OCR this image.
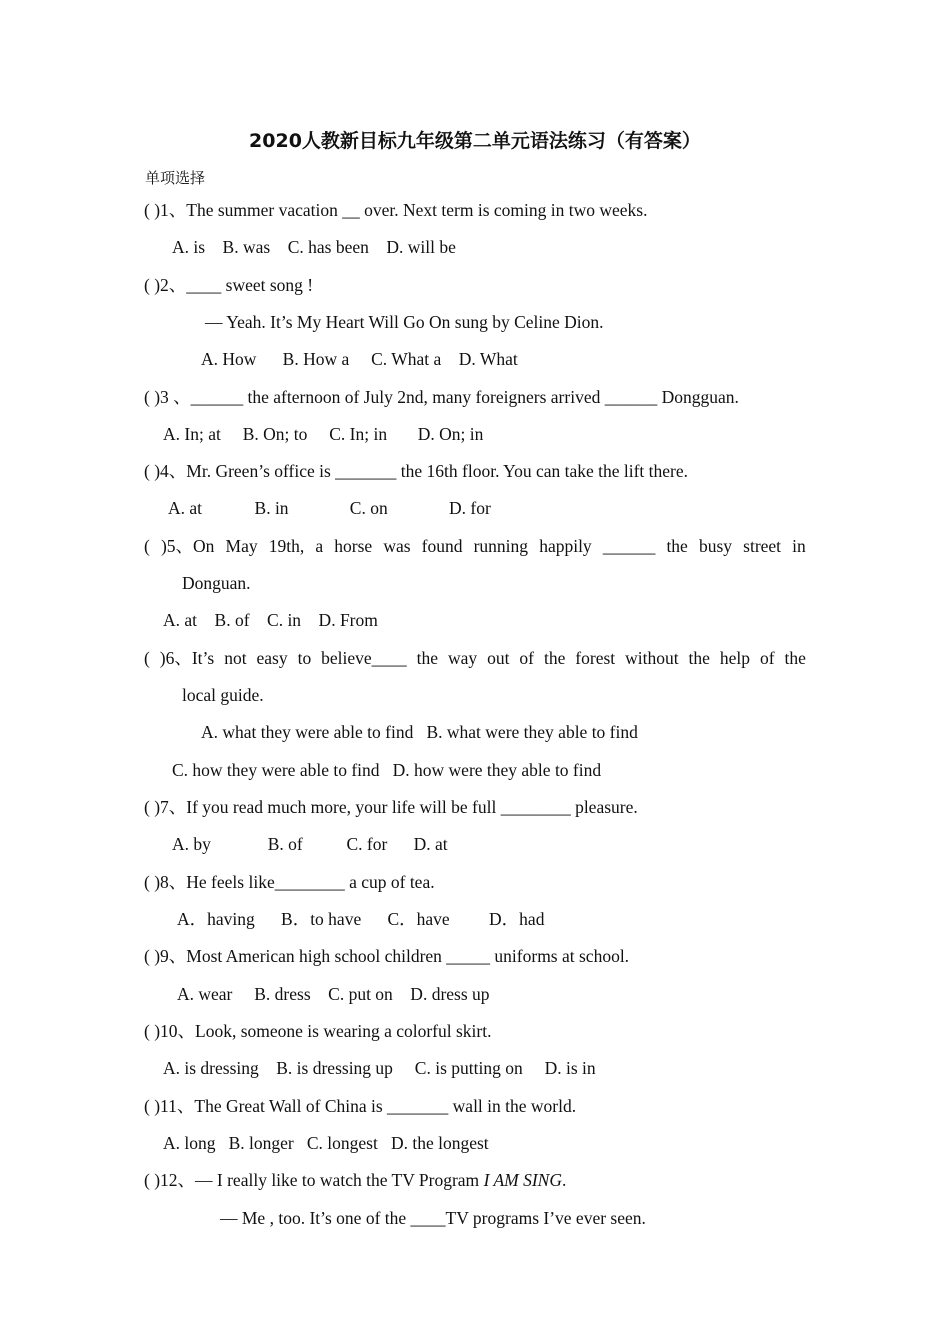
2020人教新目标九年级第二单元语法练习（有答案）
单项选择
( )1、The summer vacation __ over. Next term is coming in two weeks.
A. is    B. was    C. has been    D. will be
( )2、____ sweet song !
— Yeah. It’s My Heart Will Go On sung by Celine Dion.
A. How      B. How a     C. What a    D. What
( )3 、______ the afternoon of July 2nd, many foreigners arrived ______ Dongguan.
A. In; at     B. On; to     C. In; in       D. On; in
( )4、Mr. Green’s office is _______ the 16th floor. You can take the lift there.
A. at            B. in              C. on              D. for
( )5、On May 19th, a horse was found running happily ______ the busy street in
Donguan.
A. at    B. of    C. in    D. From
( )6、It’s not easy to believe____ the way out of the forest without the help of the
local guide.
A. what they were able to find   B. what were they able to find
C. how they were able to find   D. how were they able to find
( )7、If you read much more, your life will be full ________ pleasure.
A. by             B. of          C. for      D. at
( )8、He feels like________ a cup of tea.
A．having      B．to have      C．have         D．had
( )9、Most American high school children _____ uniforms at school.
A. wear     B. dress    C. put on    D. dress up
( )10、Look, someone is wearing a colorful skirt.
A. is dressing    B. is dressing up     C. is putting on     D. is in
( )11、The Great Wall of China is _______ wall in the world.
A. long   B. longer   C. longest   D. the longest
( )12、— I really like to watch the TV Program I AM SING.
— Me , too. It’s one of the ____TV programs I’ve ever seen.
